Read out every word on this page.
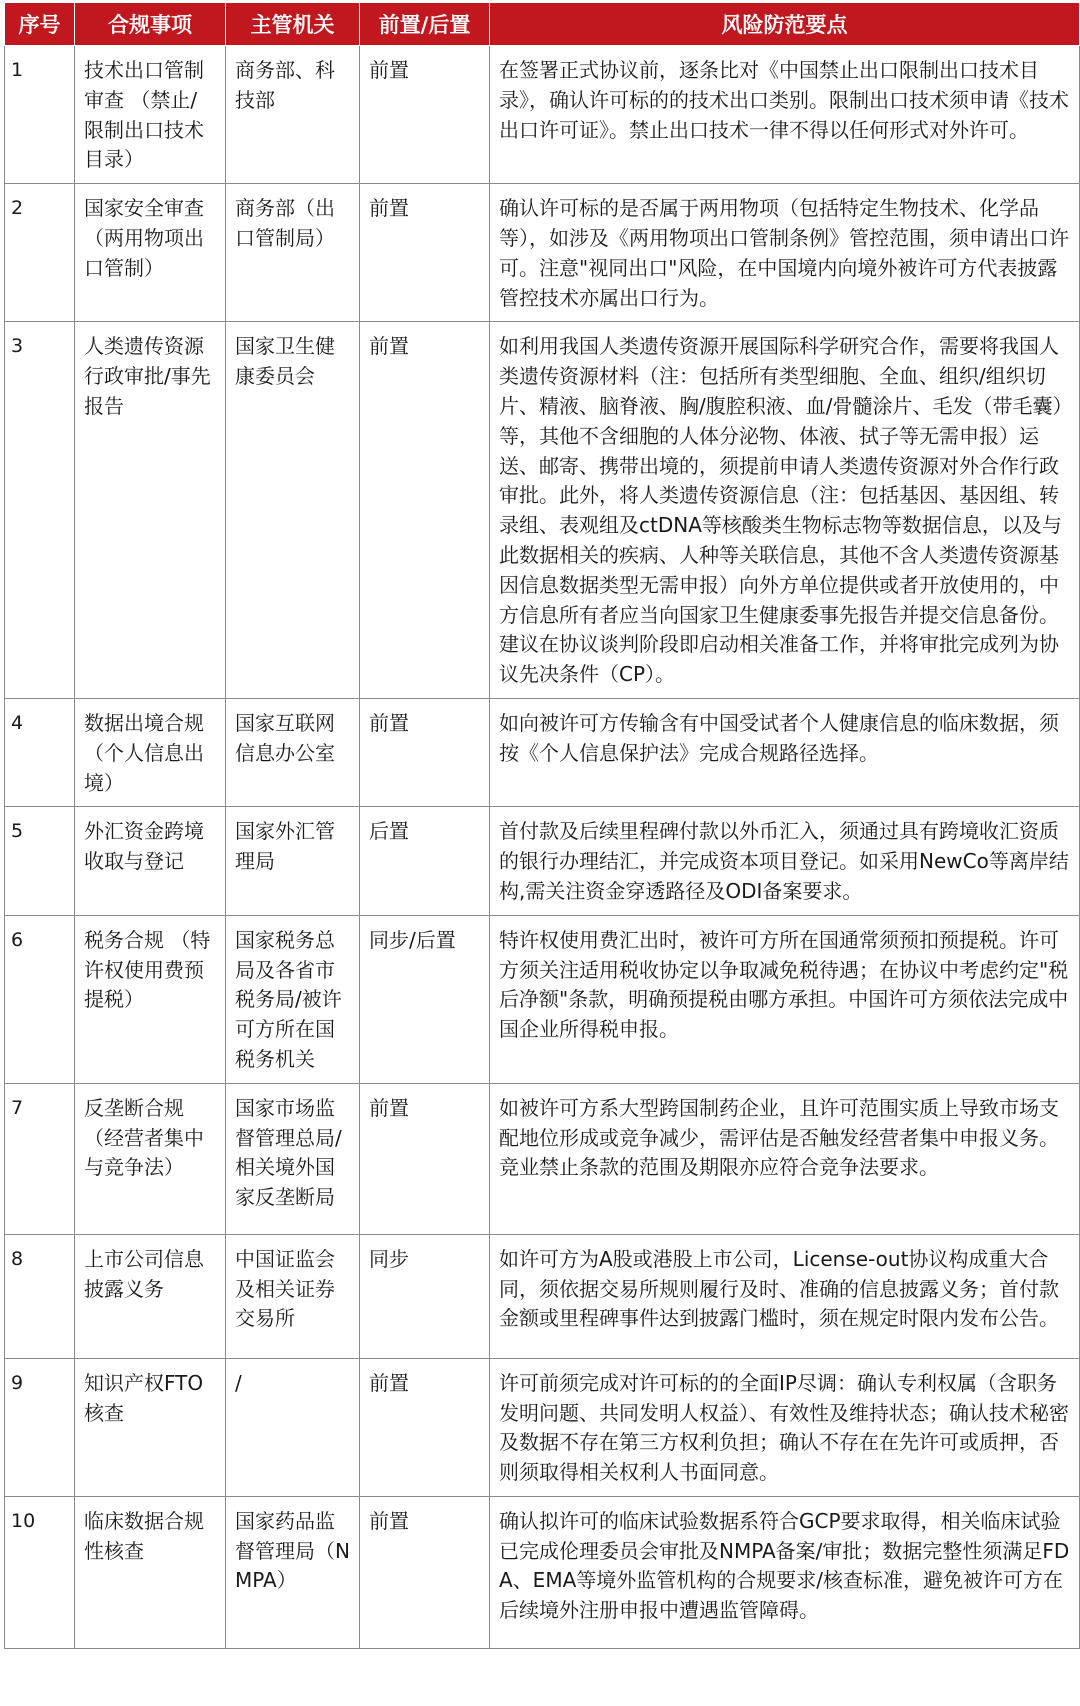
序号	合规事项	主管机关	前置/后置	风险防范要点
1	技术出口管制审查 （禁止/限制出口技术目录）	商务部、科技部	前置	在签署正式协议前，逐条比对《中国禁止出口限制出口技术目录》，确认许可标的的技术出口类别。限制出口技术须申请《技术出口许可证》。禁止出口技术一律不得以任何形式对外许可。
2	国家安全审查 （两用物项出口管制）	商务部（出口管制局）	前置	确认许可标的是否属于两用物项（包括特定生物技术、化学品等），如涉及《两用物项出口管制条例》管控范围，须申请出口许可。注意"视同出口"风险，在中国境内向境外被许可方代表披露管控技术亦属出口行为。
3	人类遗传资源行政审批/事先报告	国家卫生健康委员会	前置	如利用我国人类遗传资源开展国际科学研究合作，需要将我国人类遗传资源材料（注：包括所有类型细胞、全血、组织/组织切片、精液、脑脊液、胸/腹腔积液、血/骨髓涂片、毛发（带毛囊）等，其他不含细胞的人体分泌物、体液、拭子等无需申报）运送、邮寄、携带出境的，须提前申请人类遗传资源对外合作行政审批。此外，将人类遗传资源信息（注：包括基因、基因组、转录组、表观组及ctDNA等核酸类生物标志物等数据信息，以及与此数据相关的疾病、人种等关联信息，其他不含人类遗传资源基因信息数据类型无需申报）向外方单位提供或者开放使用的，中方信息所有者应当向国家卫生健康委事先报告并提交信息备份。建议在协议谈判阶段即启动相关准备工作，并将审批完成列为协议先决条件（CP）。
4	数据出境合规 （个人信息出境）	国家互联网信息办公室	前置	如向被许可方传输含有中国受试者个人健康信息的临床数据，须按《个人信息保护法》完成合规路径选择。
5	外汇资金跨境收取与登记	国家外汇管理局	后置	首付款及后续里程碑付款以外币汇入，须通过具有跨境收汇资质的银行办理结汇，并完成资本项目登记。如采用NewCo等离岸结构,需关注资金穿透路径及ODI备案要求。
6	税务合规 （特许权使用费预提税）	国家税务总局及各省市税务局/被许可方所在国税务机关	同步/后置	特许权使用费汇出时，被许可方所在国通常须预扣预提税。许可方须关注适用税收协定以争取减免税待遇；在协议中考虑约定"税后净额"条款，明确预提税由哪方承担。中国许可方须依法完成中国企业所得税申报。
7	反垄断合规 （经营者集中与竞争法）	国家市场监督管理总局/相关境外国家反垄断局	前置	如被许可方系大型跨国制药企业，且许可范围实质上导致市场支配地位形成或竞争减少，需评估是否触发经营者集中申报义务。竞业禁止条款的范围及期限亦应符合竞争法要求。
8	上市公司信息披露义务	中国证监会及相关证券交易所	同步	如许可方为A股或港股上市公司，License-out协议构成重大合同，须依据交易所规则履行及时、准确的信息披露义务；首付款金额或里程碑事件达到披露门槛时，须在规定时限内发布公告。
9	知识产权FTO核查	/	前置	许可前须完成对许可标的的全面IP尽调：确认专利权属（含职务发明问题、共同发明人权益）、有效性及维持状态；确认技术秘密及数据不存在第三方权利负担；确认不存在在先许可或质押，否则须取得相关权利人书面同意。
10	临床数据合规性核查	国家药品监督管理局（NMPA）	前置	确认拟许可的临床试验数据系符合GCP要求取得，相关临床试验已完成伦理委员会审批及NMPA备案/审批；数据完整性须满足FDA、EMA等境外监管机构的合规要求/核查标准，避免被许可方在后续境外注册申报中遭遇监管障碍。
